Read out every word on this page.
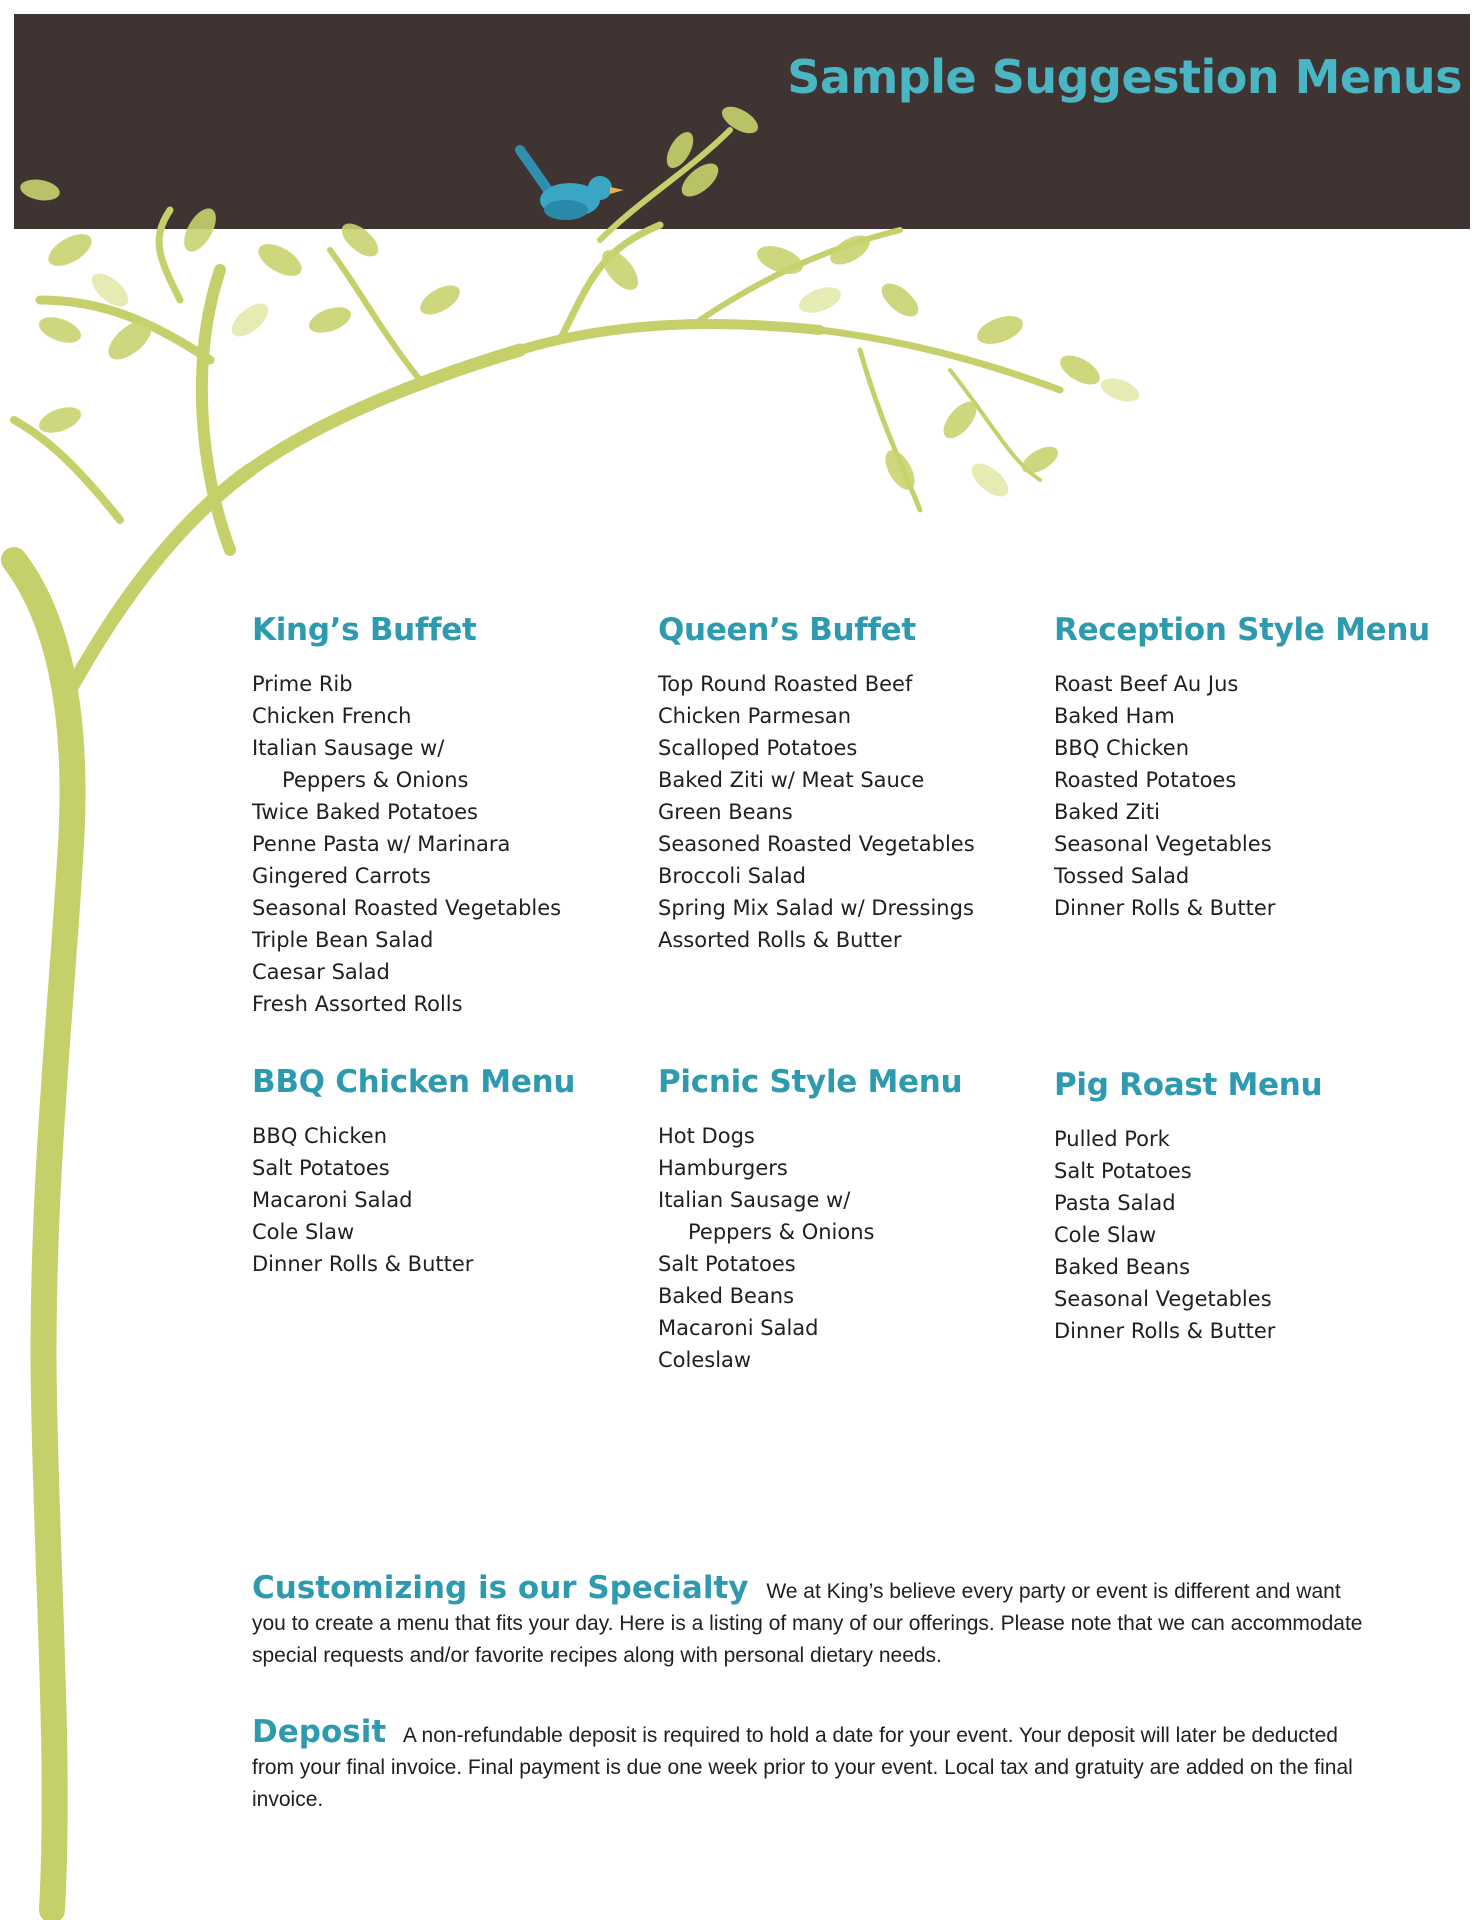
Sample Suggestion Menus
King’s Buffet
Prime Rib
Chicken French
Italian Sausage w/
Peppers & Onions
Twice Baked Potatoes
Penne Pasta w/ Marinara
Gingered Carrots
Seasonal Roasted Vegetables
Triple Bean Salad
Caesar Salad
Fresh Assorted Rolls
Queen’s Buffet
Top Round Roasted Beef
Chicken Parmesan
Scalloped Potatoes
Baked Ziti w/ Meat Sauce
Green Beans
Seasoned Roasted Vegetables
Broccoli Salad
Spring Mix Salad w/ Dressings
Assorted Rolls & Butter
Reception Style Menu
Roast Beef Au Jus
Baked Ham
BBQ Chicken
Roasted Potatoes
Baked Ziti
Seasonal Vegetables
Tossed Salad
Dinner Rolls & Butter
BBQ Chicken Menu
BBQ Chicken
Salt Potatoes
Macaroni Salad
Cole Slaw
Dinner Rolls & Butter
Picnic Style Menu
Hot Dogs
Hamburgers
Italian Sausage w/
Peppers & Onions
Salt Potatoes
Baked Beans
Macaroni Salad
Coleslaw
Pig Roast Menu
Pulled Pork
Salt Potatoes
Pasta Salad
Cole Slaw
Baked Beans
Seasonal Vegetables
Dinner Rolls & Butter

Customizing is our Specialty We at King’s believe every party or event is different and want you to create a menu that fits your day. Here is a listing of many of our offerings. Please note that we can accommodate special requests and/or favorite recipes along with personal dietary needs.

Deposit A non-refundable deposit is required to hold a date for your event. Your deposit will later be deducted from your final invoice. Final payment is due one week prior to your event. Local tax and gratuity are added on the final invoice.
